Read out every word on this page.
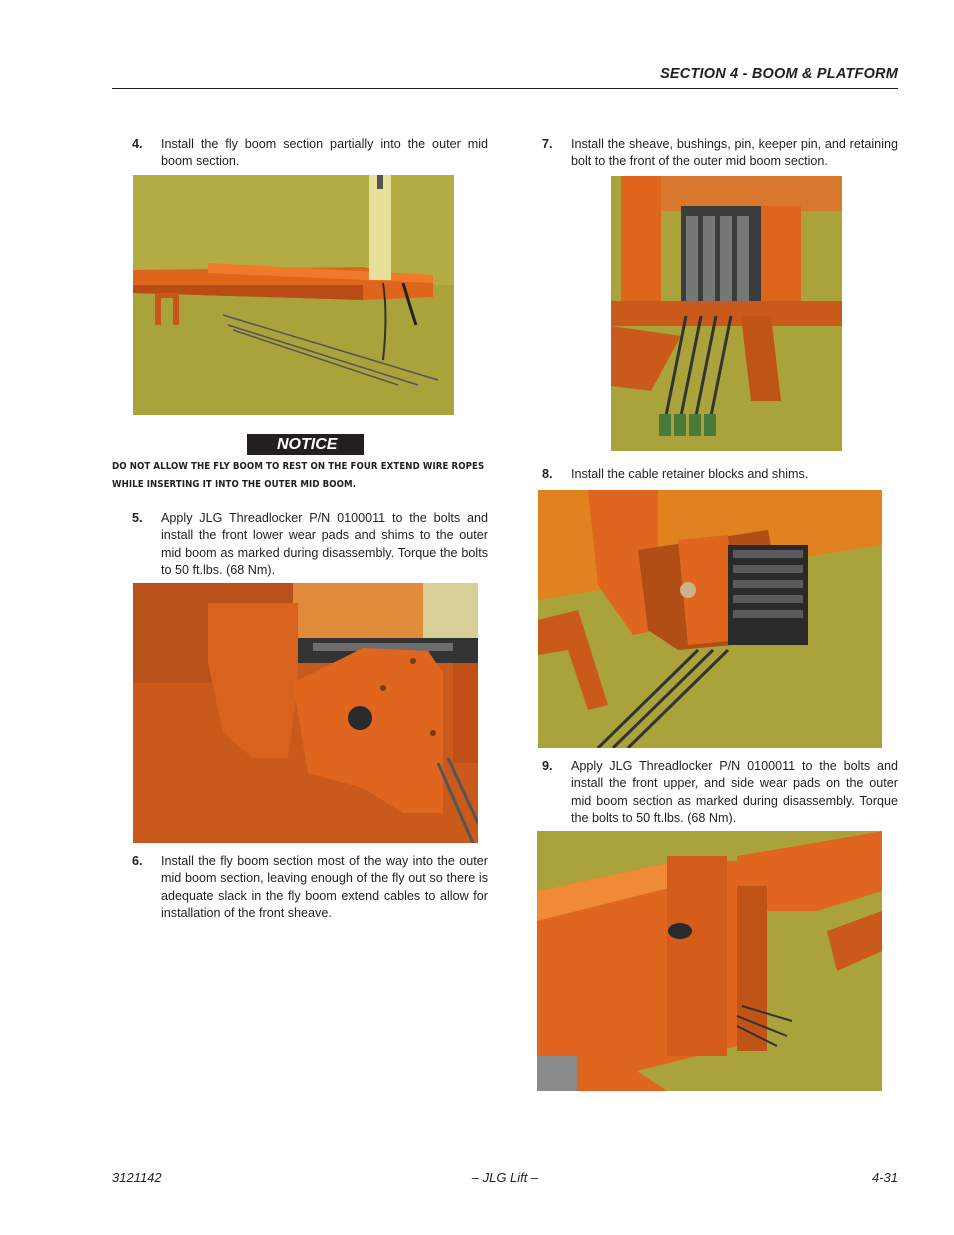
SECTION 4 - BOOM & PLATFORM
4. Install the fly boom section partially into the outer mid boom section.
NOTICE
DO NOT ALLOW THE FLY BOOM TO REST ON THE FOUR EXTEND WIRE ROPES WHILE INSERTING IT INTO THE OUTER MID BOOM.
5. Apply JLG Threadlocker P/N 0100011 to the bolts and install the front lower wear pads and shims to the outer mid boom as marked during disassembly. Torque the bolts to 50 ft.lbs. (68 Nm).
6. Install the fly boom section most of the way into the outer mid boom section, leaving enough of the fly out so there is adequate slack in the fly boom extend cables to allow for installation of the front sheave.
7. Install the sheave, bushings, pin, keeper pin, and retaining bolt to the front of the outer mid boom section.
8. Install the cable retainer blocks and shims.
9. Apply JLG Threadlocker P/N 0100011 to the bolts and install the front upper, and side wear pads on the outer mid boom section as marked during disassembly. Torque the bolts to 50 ft.lbs. (68 Nm).
3121142	– JLG Lift –	4-31
